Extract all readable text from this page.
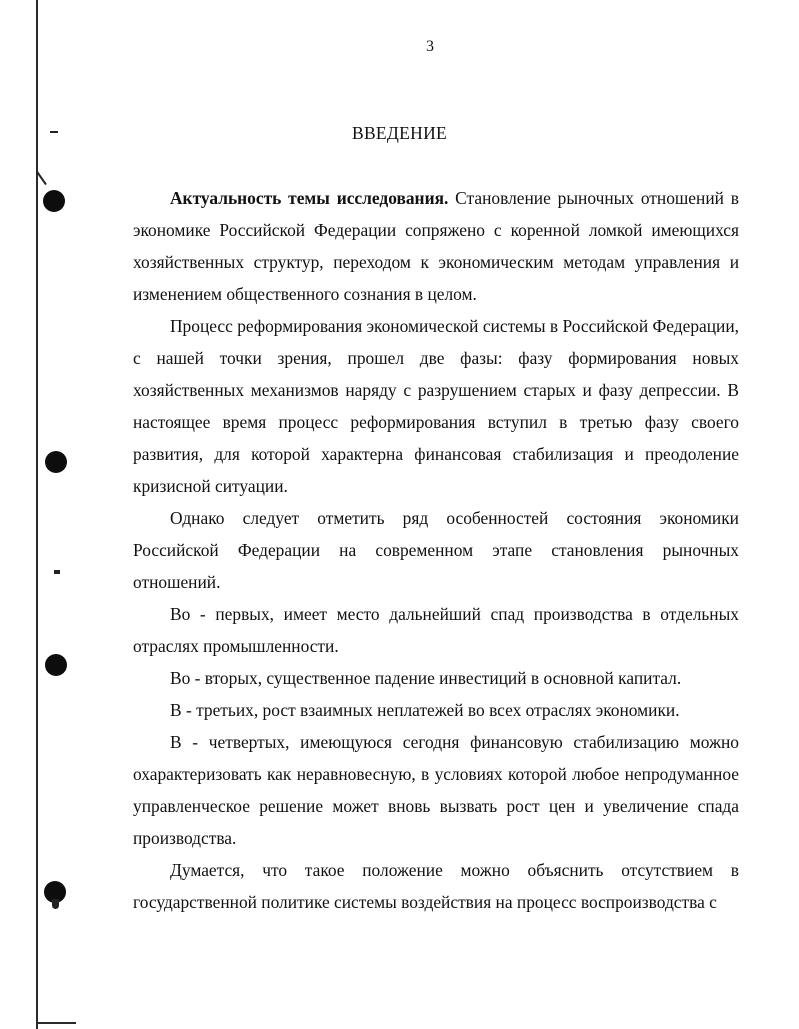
3
ВВЕДЕНИЕ

Актуальность темы исследования. Становление рыночных отношений в экономике Российской Федерации сопряжено с коренной ломкой имеющихся хозяйственных структур, переходом к экономическим методам управления и изменением общественного сознания в целом.

Процесс реформирования экономической системы в Российской Федерации, с нашей точки зрения, прошел две фазы: фазу формирования новых хозяйственных механизмов наряду с разрушением старых и фазу депрессии. В настоящее время процесс реформирования вступил в третью фазу своего развития, для которой характерна финансовая стабилизация и преодоление кризисной ситуации.

Однако следует отметить ряд особенностей состояния экономики Российской Федерации на современном этапе становления рыночных отношений.

Во - первых, имеет место дальнейший спад производства в отдельных отраслях промышленности.

Во - вторых, существенное падение инвестиций в основной капитал.

В - третьих, рост взаимных неплатежей во всех отраслях экономики.

В - четвертых, имеющуюся сегодня финансовую стабилизацию можно охарактеризовать как неравновесную, в условиях которой любое непродуманное управленческое решение может вновь вызвать рост цен и увеличение спада производства.

Думается, что такое положение можно объяснить отсутствием в государственной политике системы воздействия на процесс воспроизводства с
